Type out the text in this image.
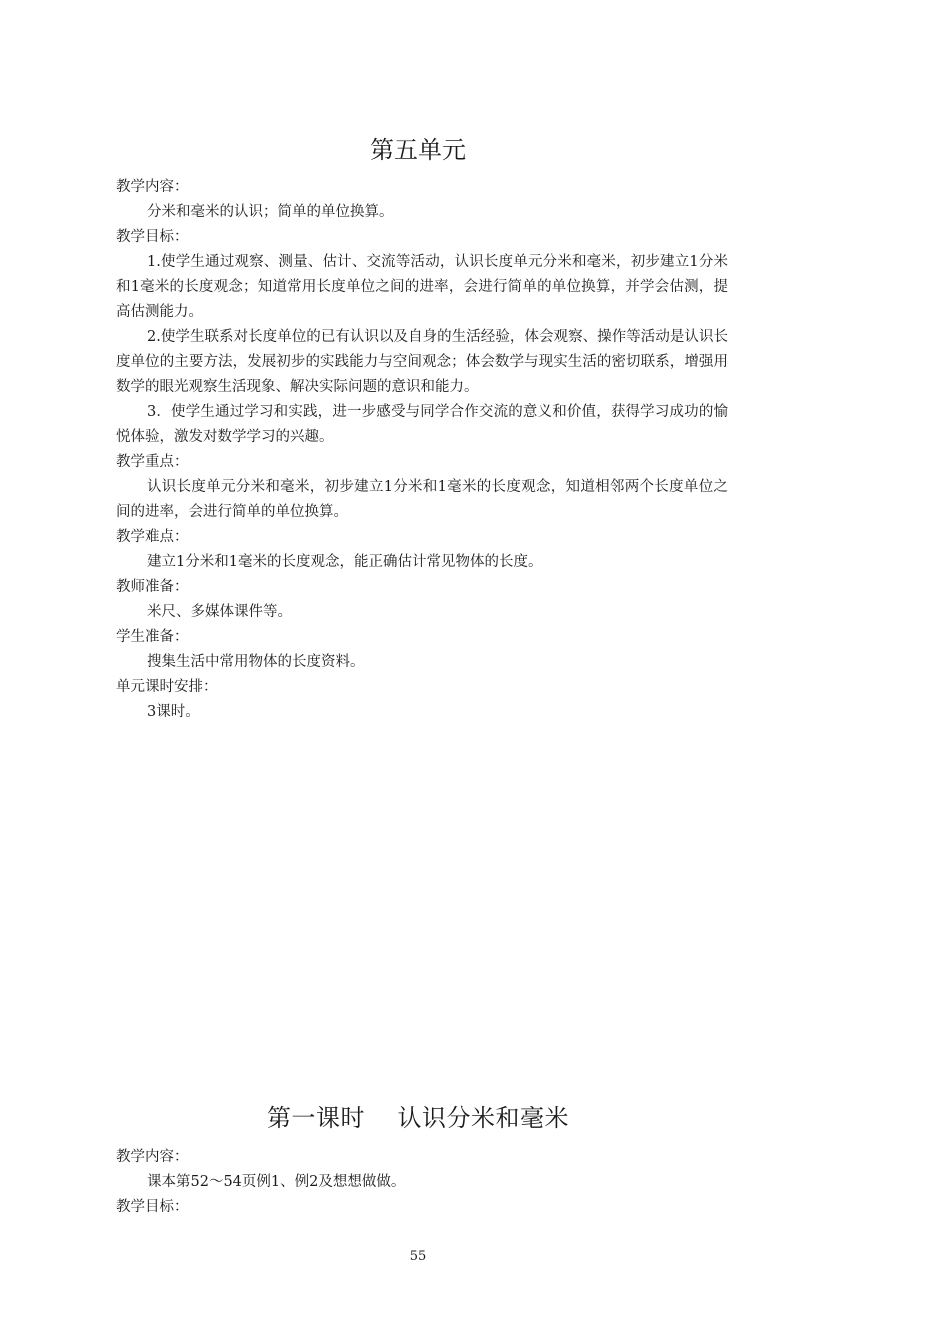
第五单元
教学内容：
分米和毫米的认识；简单的单位换算。
教学目标：
1.使学生通过观察、测量、估计、交流等活动，认识长度单元分米和毫米，初步建立1分米和1毫米的长度观念；知道常用长度单位之间的进率，会进行简单的单位换算，并学会估测，提高估测能力。
2.使学生联系对长度单位的已有认识以及自身的生活经验，体会观察、操作等活动是认识长度单位的主要方法，发展初步的实践能力与空间观念；体会数学与现实生活的密切联系，增强用数学的眼光观察生活现象、解决实际问题的意识和能力。
3．使学生通过学习和实践，进一步感受与同学合作交流的意义和价值，获得学习成功的愉悦体验，激发对数学学习的兴趣。
教学重点：
认识长度单元分米和毫米，初步建立1分米和1毫米的长度观念，知道相邻两个长度单位之间的进率，会进行简单的单位换算。
教学难点：
建立1分米和1毫米的长度观念，能正确估计常见物体的长度。
教师准备：
米尺、多媒体课件等。
学生准备：
搜集生活中常用物体的长度资料。
单元课时安排：
3课时。
第一课时    认识分米和毫米
教学内容：
课本第52～54页例1、例2及想想做做。
教学目标：
55
